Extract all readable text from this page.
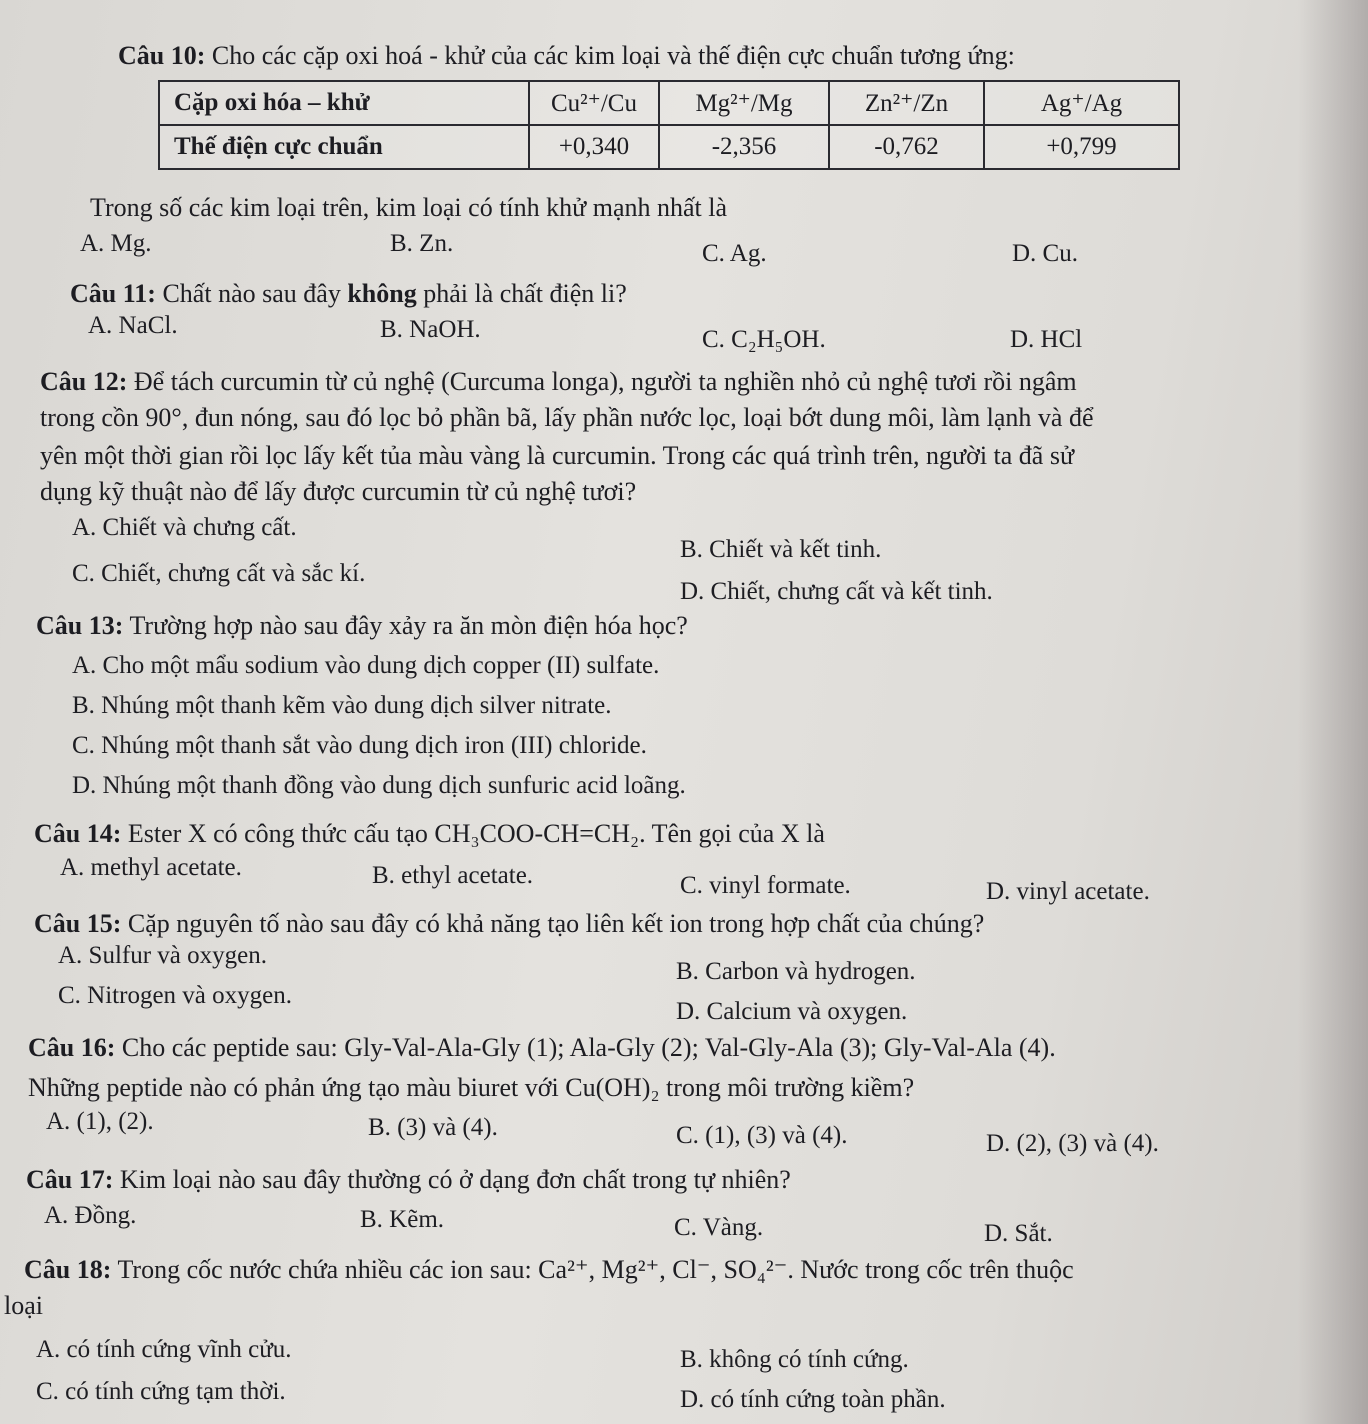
Câu 10: Cho các cặp oxi hoá - khử của các kim loại và thế điện cực chuẩn tương ứng:
Cặp oxi hóa – khử	Cu²⁺/Cu	Mg²⁺/Mg	Zn²⁺/Zn	Ag⁺/Ag
Thế điện cực chuẩn	+0,340	-2,356	-0,762	+0,799
Trong số các kim loại trên, kim loại có tính khử mạnh nhất là
A. Mg.	B. Zn.	C. Ag.	D. Cu.
Câu 11: Chất nào sau đây không phải là chất điện li?
A. NaCl.	B. NaOH.	C. C₂H₅OH.	D. HCl
Câu 12: Để tách curcumin từ củ nghệ (Curcuma longa), người ta nghiền nhỏ củ nghệ tươi rồi ngâm
trong cồn 90°, đun nóng, sau đó lọc bỏ phần bã, lấy phần nước lọc, loại bớt dung môi, làm lạnh và để
yên một thời gian rồi lọc lấy kết tủa màu vàng là curcumin. Trong các quá trình trên, người ta đã sử
dụng kỹ thuật nào để lấy được curcumin từ củ nghệ tươi?
A. Chiết và chưng cất.
B. Chiết và kết tinh.
C. Chiết, chưng cất và sắc kí.
D. Chiết, chưng cất và kết tinh.
Câu 13: Trường hợp nào sau đây xảy ra ăn mòn điện hóa học?
A. Cho một mẩu sodium vào dung dịch copper (II) sulfate.
B. Nhúng một thanh kẽm vào dung dịch silver nitrate.
C. Nhúng một thanh sắt vào dung dịch iron (III) chloride.
D. Nhúng một thanh đồng vào dung dịch sunfuric acid loãng.
Câu 14: Ester X có công thức cấu tạo CH₃COO-CH=CH₂. Tên gọi của X là
A. methyl acetate.	B. ethyl acetate.	C. vinyl formate.	D. vinyl acetate.
Câu 15: Cặp nguyên tố nào sau đây có khả năng tạo liên kết ion trong hợp chất của chúng?
A. Sulfur và oxygen.
B. Carbon và hydrogen.
C. Nitrogen và oxygen.
D. Calcium và oxygen.
Câu 16: Cho các peptide sau: Gly-Val-Ala-Gly (1); Ala-Gly (2); Val-Gly-Ala (3); Gly-Val-Ala (4).
Những peptide nào có phản ứng tạo màu biuret với Cu(OH)₂ trong môi trường kiềm?
A. (1), (2).	B. (3) và (4).	C. (1), (3) và (4).	D. (2), (3) và (4).
Câu 17: Kim loại nào sau đây thường có ở dạng đơn chất trong tự nhiên?
A. Đồng.	B. Kẽm.	C. Vàng.	D. Sắt.
Câu 18: Trong cốc nước chứa nhiều các ion sau: Ca²⁺, Mg²⁺, Cl⁻, SO₄²⁻. Nước trong cốc trên thuộc
loại
A. có tính cứng vĩnh cửu.	B. không có tính cứng.
C. có tính cứng tạm thời.	D. có tính cứng toàn phần.
